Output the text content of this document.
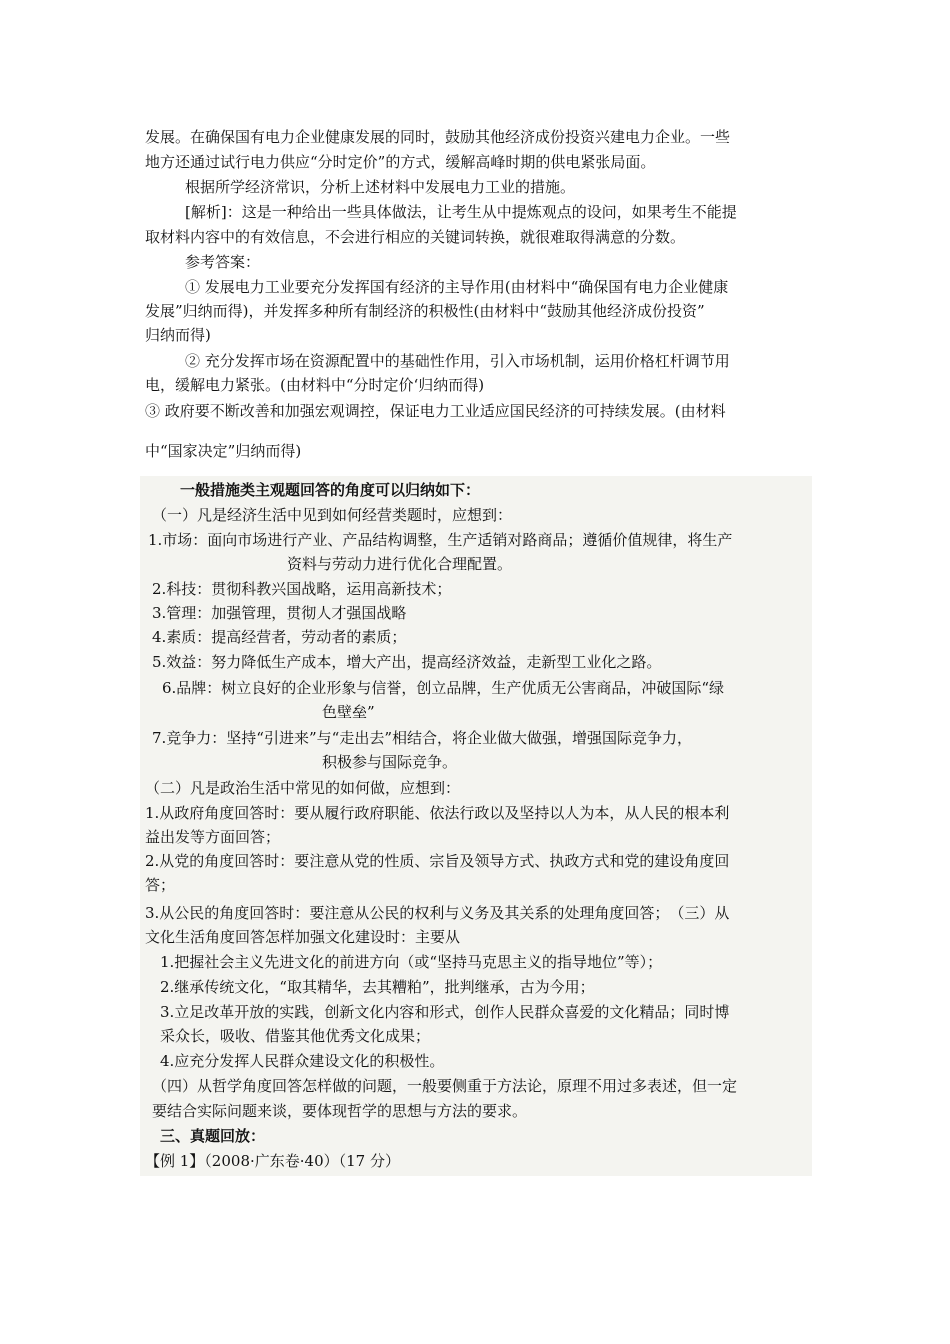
发展。在确保国有电力企业健康发展的同时，鼓励其他经济成份投资兴建电力企业。一些
地方还通过试行电力供应“分时定价”的方式，缓解高峰时期的供电紧张局面。
根据所学经济常识，分析上述材料中发展电力工业的措施。
[解析]：这是一种给出一些具体做法，让考生从中提炼观点的设问，如果考生不能提
取材料内容中的有效信息，不会进行相应的关键词转换，就很难取得满意的分数。
参考答案：
① 发展电力工业要充分发挥国有经济的主导作用(由材料中“确保国有电力企业健康
发展”归纳而得)，并发挥多种所有制经济的积极性(由材料中“鼓励其他经济成份投资”
归纳而得)
② 充分发挥市场在资源配置中的基础性作用，引入市场机制，运用价格杠杆调节用
电，缓解电力紧张。(由材料中“分时定价‘归纳而得)
③ 政府要不断改善和加强宏观调控，保证电力工业适应国民经济的可持续发展。(由材料
中“国家决定”归纳而得)
一般措施类主观题回答的角度可以归纳如下：
（一）凡是经济生活中见到如何经营类题时，应想到：
1.市场：面向市场进行产业、产品结构调整，生产适销对路商品；遵循价值规律，将生产
资料与劳动力进行优化合理配置。
2.科技：贯彻科教兴国战略，运用高新技术；
3.管理：加强管理，贯彻人才强国战略
4.素质：提高经营者，劳动者的素质；
5.效益：努力降低生产成本，增大产出，提高经济效益，走新型工业化之路。
6.品牌：树立良好的企业形象与信誉，创立品牌，生产优质无公害商品，冲破国际“绿
色壁垒”
7.竞争力：坚持“引进来”与“走出去”相结合，将企业做大做强，增强国际竞争力，
积极参与国际竞争。
（二）凡是政治生活中常见的如何做，应想到：
1.从政府角度回答时：要从履行政府职能、依法行政以及坚持以人为本，从人民的根本利
益出发等方面回答；
2.从党的角度回答时：要注意从党的性质、宗旨及领导方式、执政方式和党的建设角度回
答；
3.从公民的角度回答时：要注意从公民的权利与义务及其关系的处理角度回答；　（三）从
文化生活角度回答怎样加强文化建设时：主要从
1.把握社会主义先进文化的前进方向（或“坚持马克思主义的指导地位”等）；
2.继承传统文化，“取其精华，去其糟粕”，批判继承，古为今用；
3.立足改革开放的实践，创新文化内容和形式，创作人民群众喜爱的文化精品；同时博
采众长，吸收、借鉴其他优秀文化成果；
4.应充分发挥人民群众建设文化的积极性。
（四）从哲学角度回答怎样做的问题，一般要侧重于方法论，原理不用过多表述，但一定
要结合实际问题来谈，要体现哲学的思想与方法的要求。
三、真题回放：
【例 1】（2008·广东卷·40）（17 分）
